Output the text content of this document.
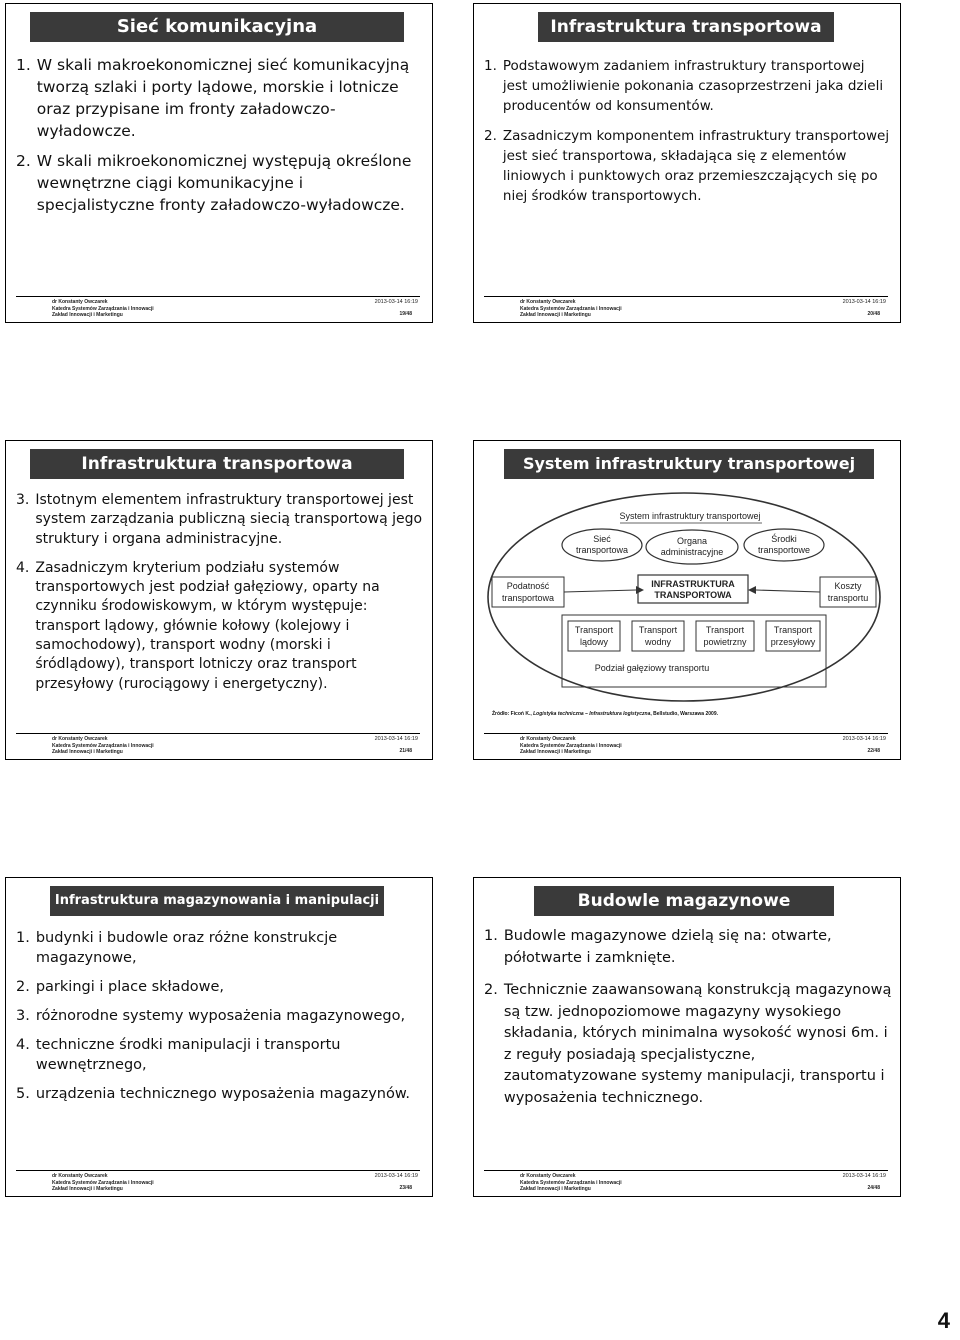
Sieć komunikacyjna
1. W skali makroekonomicznej sieć komunikacyjną tworzą szlaki i porty lądowe, morskie i lotnicze oraz przypisane im fronty załadowczo-wyładowcze.
2. W skali mikroekonomicznej występują określone wewnętrzne ciągi komunikacyjne i specjalistyczne fronty załadowczo-wyładowcze.
dr Konstanty Owczarek
Katedra Systemów Zarządzania i Innowacji
Zakład Innowacji i Marketingu
2013-03-14 16:19
19/48
Infrastruktura transportowa
1. Podstawowym zadaniem infrastruktury transportowej jest umożliwienie pokonania czasoprzestrzeni jaka dzieli producentów od konsumentów.
2. Zasadniczym komponentem infrastruktury transportowej jest sieć transportowa, składająca się z elementów liniowych i punktowych oraz przemieszczających się po niej środków transportowych.
dr Konstanty Owczarek
Katedra Systemów Zarządzania i Innowacji
Zakład Innowacji i Marketingu
2013-03-14 16:19
20/48
Infrastruktura transportowa
3. Istotnym elementem infrastruktury transportowej jest system zarządzania publiczną siecią transportową jego struktury i organa administracyjne.
4. Zasadniczym kryterium podziału systemów transportowych jest podział gałęziowy, oparty na czynniku środowiskowym, w którym występuje: transport lądowy, głównie kołowy (kolejowy i samochodowy), transport wodny (morski i śródlądowy), transport lotniczy oraz transport przesyłowy (rurociągowy i energetyczny).
dr Konstanty Owczarek
Katedra Systemów Zarządzania i Innowacji
Zakład Innowacji i Marketingu
2013-03-14 16:19
21/48
System infrastruktury transportowej
System infrastruktury transportowej
Sieć
transportowa
Organa
administracyjne
Środki
transportowe
Podatność
transportowa
INFRASTRUKTURA
TRANSPORTOWA
Koszty
transportu
Transport
lądowy
Transport
wodny
Transport
powietrzny
Transport
przesyłowy
Podział gałęziowy transportu
Źródło: Ficoń K., Logistyka techniczna – Infrastruktura logistyczna, Bellstudio, Warszawa 2009.
dr Konstanty Owczarek
Katedra Systemów Zarządzania i Innowacji
Zakład Innowacji i Marketingu
2013-03-14 16:19
22/48
Infrastruktura magazynowania i manipulacji
1. budynki i budowle oraz różne konstrukcje magazynowe,
2. parkingi i place składowe,
3. różnorodne systemy wyposażenia magazynowego,
4. techniczne środki manipulacji i transportu wewnętrznego,
5. urządzenia technicznego wyposażenia magazynów.
dr Konstanty Owczarek
Katedra Systemów Zarządzania i Innowacji
Zakład Innowacji i Marketingu
2013-03-14 16:19
23/48
Budowle magazynowe
1. Budowle magazynowe dzielą się na: otwarte, półotwarte i zamknięte.
2. Technicznie zaawansowaną konstrukcją magazynową są tzw. jednopoziomowe magazyny wysokiego składania, których minimalna wysokość wynosi 6m. i z reguły posiadają specjalistyczne, zautomatyzowane systemy manipulacji, transportu i wyposażenia technicznego.
dr Konstanty Owczarek
Katedra Systemów Zarządzania i Innowacji
Zakład Innowacji i Marketingu
2013-03-14 16:19
24/48
4
